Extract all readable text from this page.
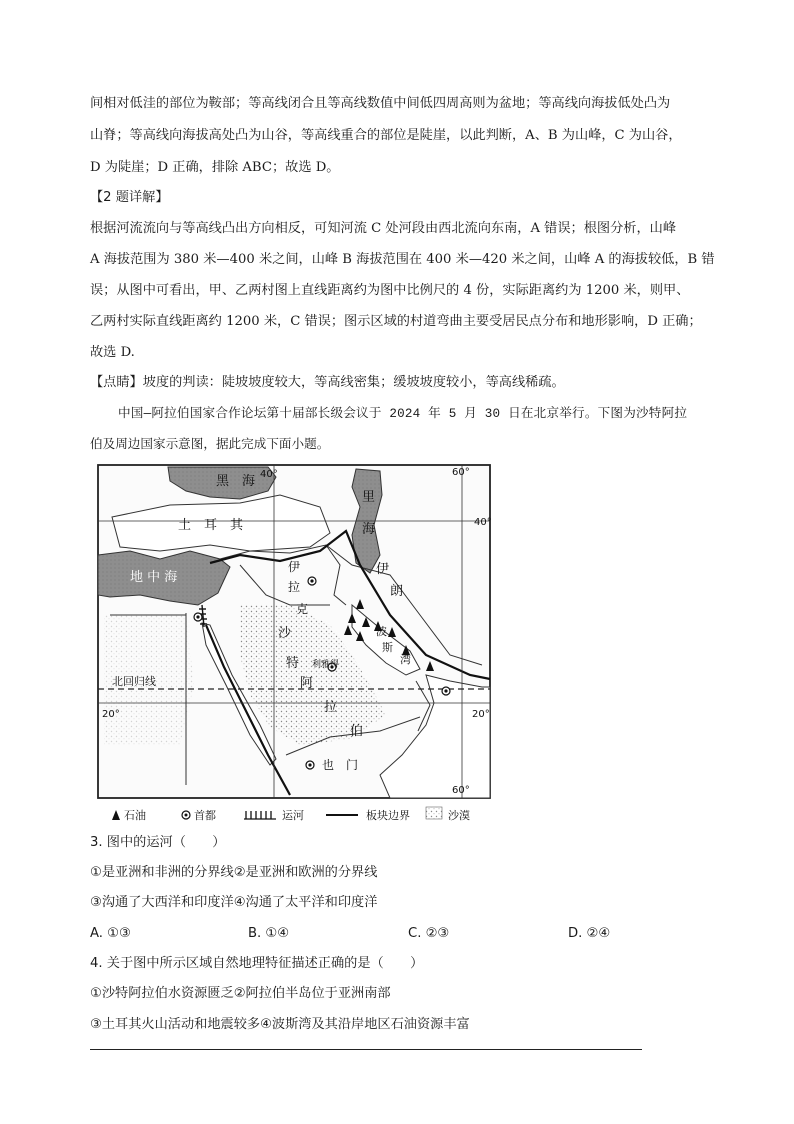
间相对低洼的部位为鞍部；等高线闭合且等高线数值中间低四周高则为盆地；等高线向海拔低处凸为
山脊；等高线向海拔高处凸为山谷，等高线重合的部位是陡崖，以此判断，A、B 为山峰，C 为山谷，
D 为陡崖；D 正确，排除 ABC；故选 D。
【2 题详解】
根据河流流向与等高线凸出方向相反，可知河流 C 处河段由西北流向东南，A 错误；根图分析，山峰
A 海拔范围为 380 米—400 米之间，山峰 B 海拔范围在 400 米—420 米之间，山峰 A 的海拔较低，B 错
误；从图中可看出，甲、乙两村图上直线距离约为图中比例尺的 4 份，实际距离约为 1200 米，则甲、
乙两村实际直线距离约 1200 米，C 错误；图示区域的村道弯曲主要受居民点分布和地形影响，D 正确；
故选 D.
【点睛】坡度的判读：陡坡坡度较大，等高线密集；缓坡坡度较小，等高线稀疏。
中国—阿拉伯国家合作论坛第十届部长级会议于 2024 年 5 月 30 日在北京举行。下图为沙特阿拉
伯及周边国家示意图，据此完成下面小题。
黑　海
土　耳　其
里
海
地 中 海
伊
拉
克
伊
朗
沙
特 利雅得
阿
拉
伯
波
斯
湾
也　门
北回归线
40°	60°
40°
20°	20°
60°
石油	首都	运河	板块边界	沙漠
3. 图中的运河（　　）
①是亚洲和非洲的分界线②是亚洲和欧洲的分界线
③沟通了大西洋和印度洋④沟通了太平洋和印度洋
A. ①③	B. ①④	C. ②③	D. ②④
4. 关于图中所示区域自然地理特征描述正确的是（　　）
①沙特阿拉伯水资源匮乏②阿拉伯半岛位于亚洲南部
③土耳其火山活动和地震较多④波斯湾及其沿岸地区石油资源丰富
